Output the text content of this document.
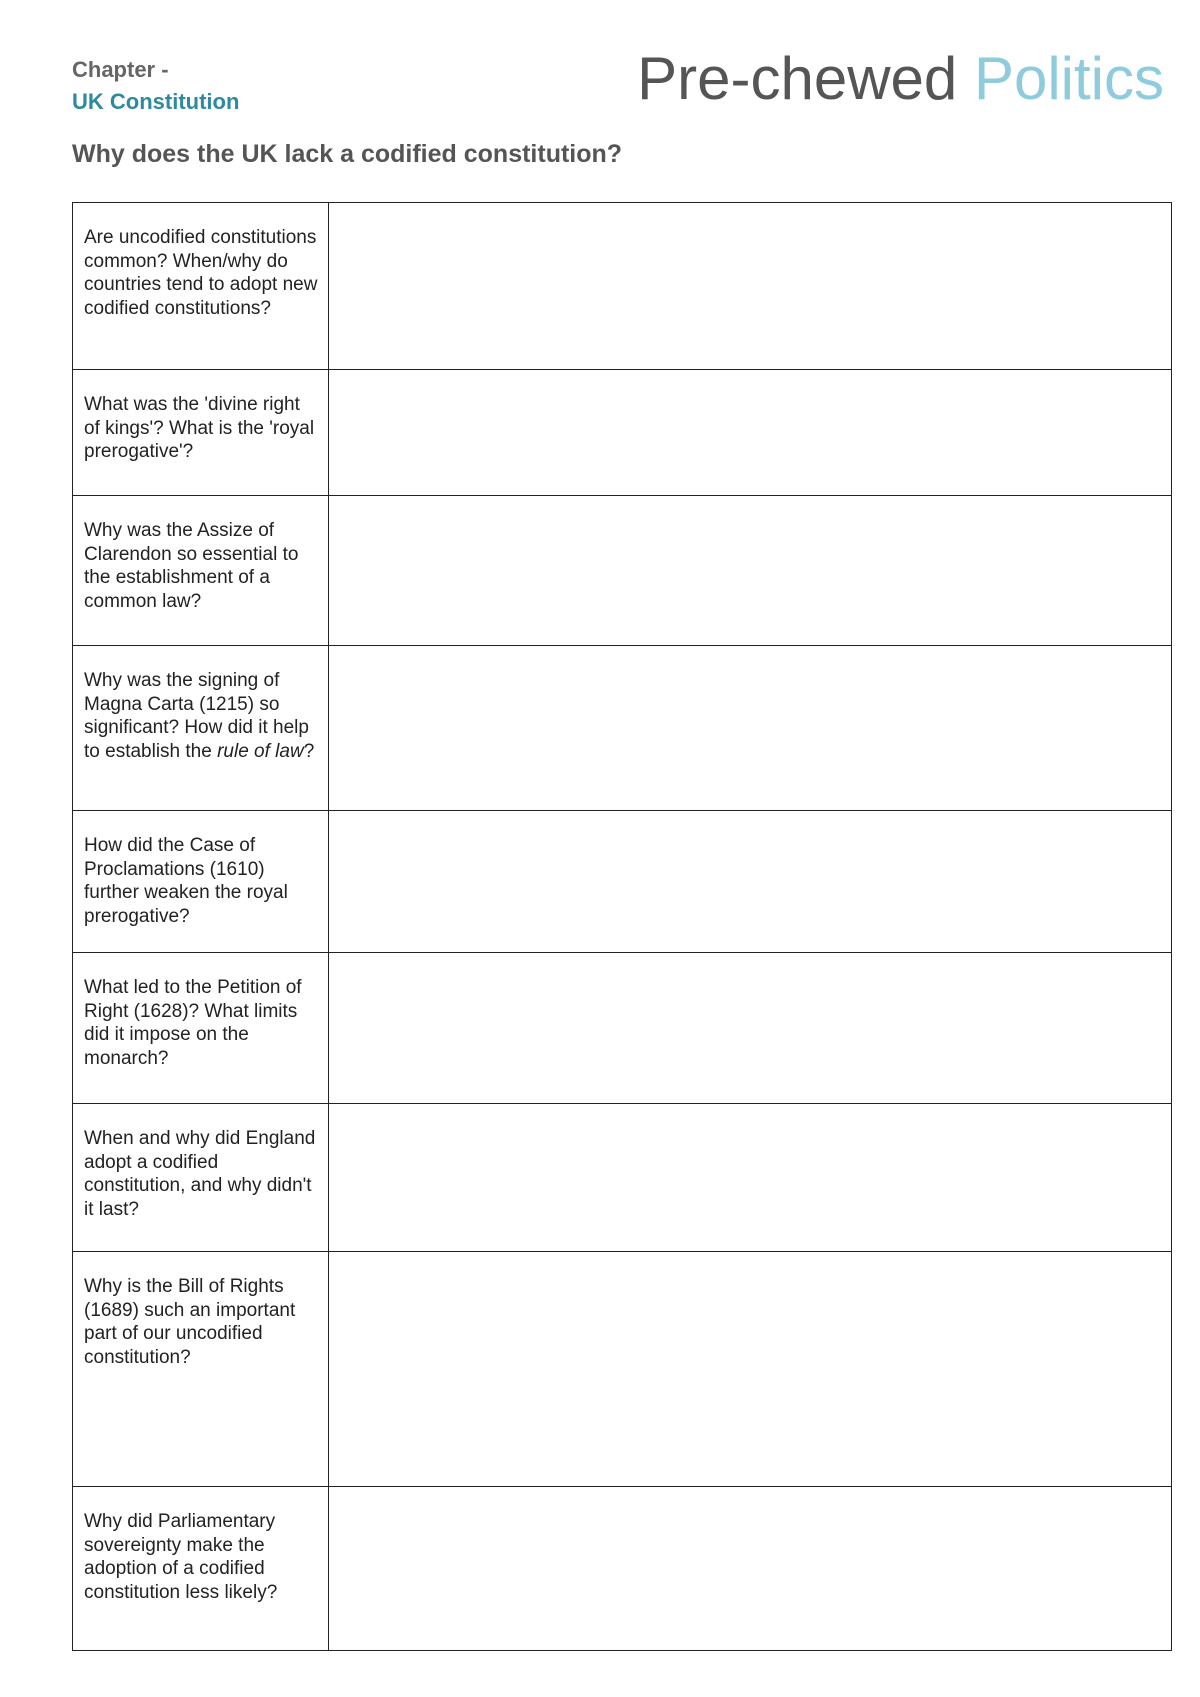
Chapter -
UK Constitution	Pre-chewed Politics
Why does the UK lack a codified constitution?
Are uncodified constitutions common? When/why do countries tend to adopt new codified constitutions?	
What was the 'divine right of kings'? What is the 'royal prerogative'?	
Why was the Assize of Clarendon so essential to the establishment of a common law?	
Why was the signing of Magna Carta (1215) so significant? How did it help to establish the rule of law?	
How did the Case of Proclamations (1610) further weaken the royal prerogative?	
What led to the Petition of Right (1628)? What limits did it impose on the monarch?	
When and why did England adopt a codified constitution, and why didn't it last?	
Why is the Bill of Rights (1689) such an important part of our uncodified constitution?	
Why did Parliamentary sovereignty make the adoption of a codified constitution less likely?	
